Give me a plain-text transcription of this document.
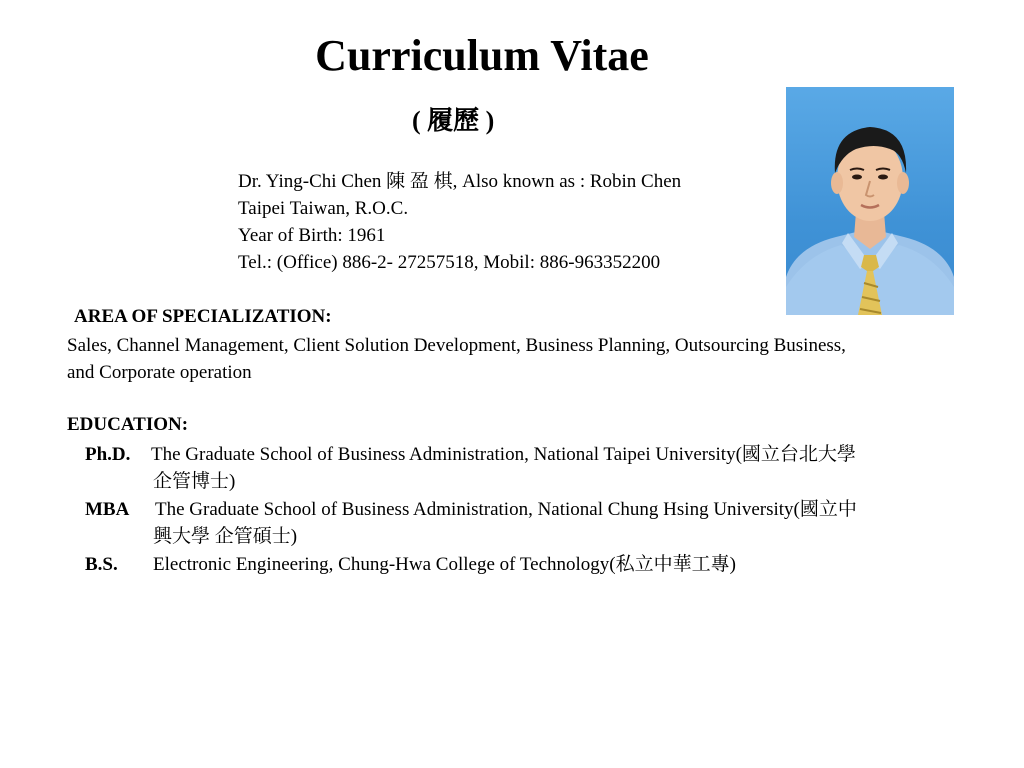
Curriculum Vitae
( 履歷 )
Dr. Ying-Chi Chen 陳 盈 棋, Also known as : Robin Chen
Taipei Taiwan, R.O.C.
Year of Birth: 1961
Tel.: (Office) 886-2- 27257518, Mobil: 886-963352200
AREA OF SPECIALIZATION:
Sales, Channel Management, Client Solution Development, Business Planning, Outsourcing Business,
and Corporate operation
EDUCATION:
Ph.D. The Graduate School of Business Administration, National Taipei University(國立台北大學
企管博士)
MBA The Graduate School of Business Administration, National Chung Hsing University(國立中
興大學 企管碩士)
B.S. Electronic Engineering, Chung-Hwa College of Technology(私立中華工專)
